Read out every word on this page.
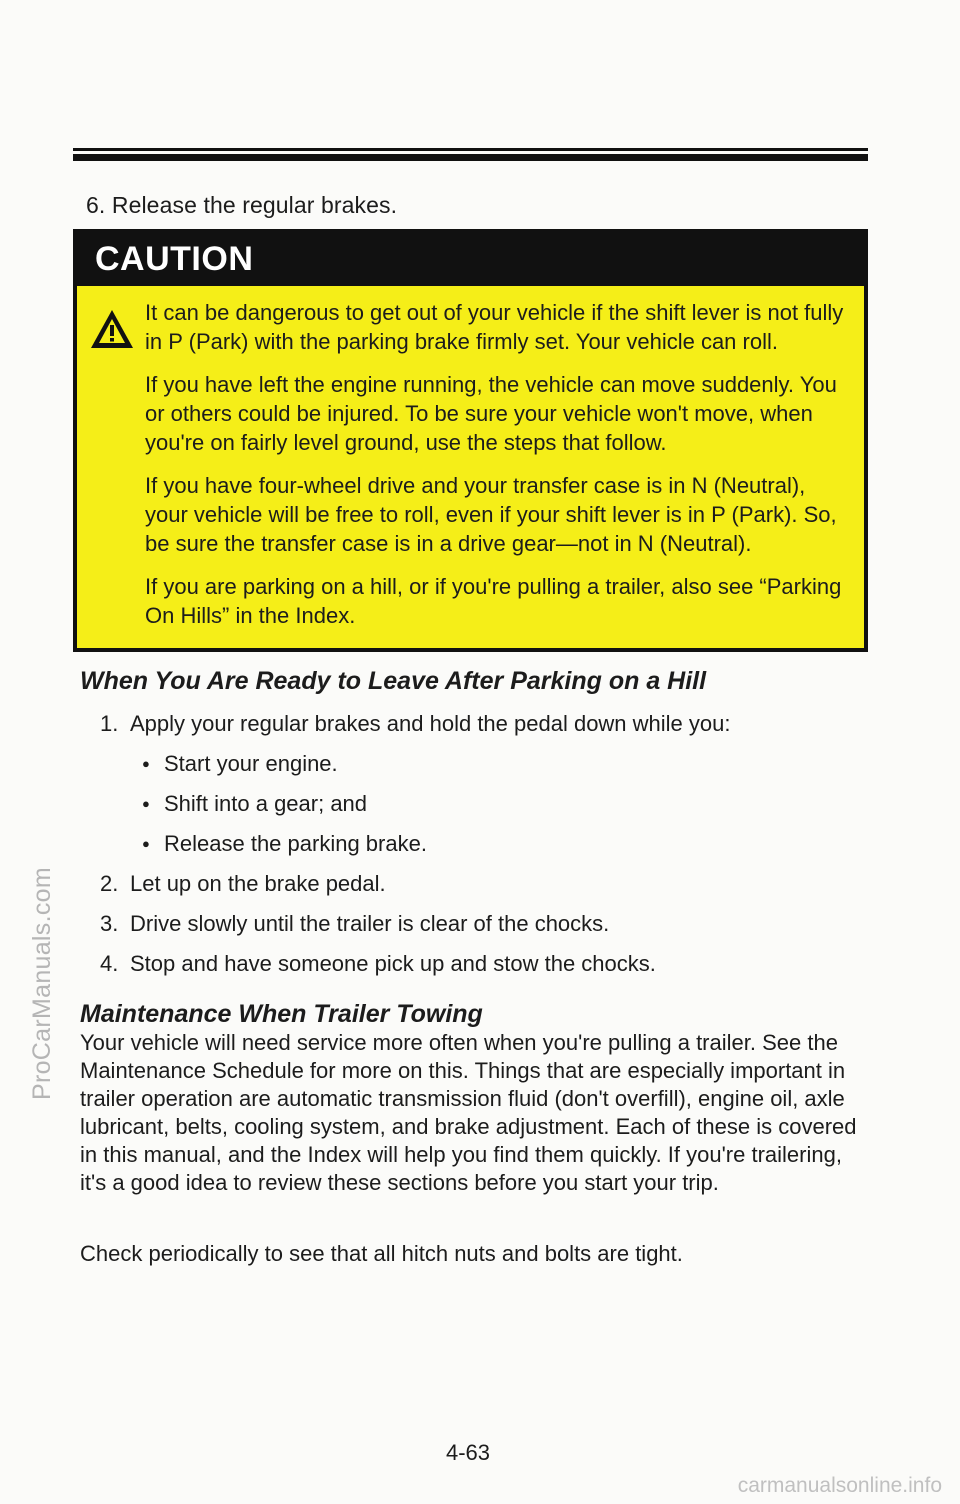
6. Release the regular brakes.
CAUTION

It can be dangerous to get out of your vehicle if the shift lever is not fully in P (Park) with the parking brake firmly set. Your vehicle can roll.

If you have left the engine running, the vehicle can move suddenly. You or others could be injured. To be sure your vehicle won't move, when you're on fairly level ground, use the steps that follow.

If you have four-wheel drive and your transfer case is in N (Neutral), your vehicle will be free to roll, even if your shift lever is in P (Park). So, be sure the transfer case is in a drive gear—not in N (Neutral).

If you are parking on a hill, or if you're pulling a trailer, also see “Parking On Hills” in the Index.

When You Are Ready to Leave After Parking on a Hill
1. Apply your regular brakes and hold the pedal down while you:
● Start your engine.
● Shift into a gear; and
● Release the parking brake.
2. Let up on the brake pedal.
3. Drive slowly until the trailer is clear of the chocks.
4. Stop and have someone pick up and stow the chocks.
Maintenance When Trailer Towing

Your vehicle will need service more often when you're pulling a trailer. See the Maintenance Schedule for more on this. Things that are especially important in trailer operation are automatic transmission fluid (don't overfill), engine oil, axle lubricant, belts, cooling system, and brake adjustment. Each of these is covered in this manual, and the Index will help you find them quickly. If you're trailering, it's a good idea to review these sections before you start your trip.

Check periodically to see that all hitch nuts and bolts are tight.

4-63
ProCarManuals.com
carmanualsonline.info
